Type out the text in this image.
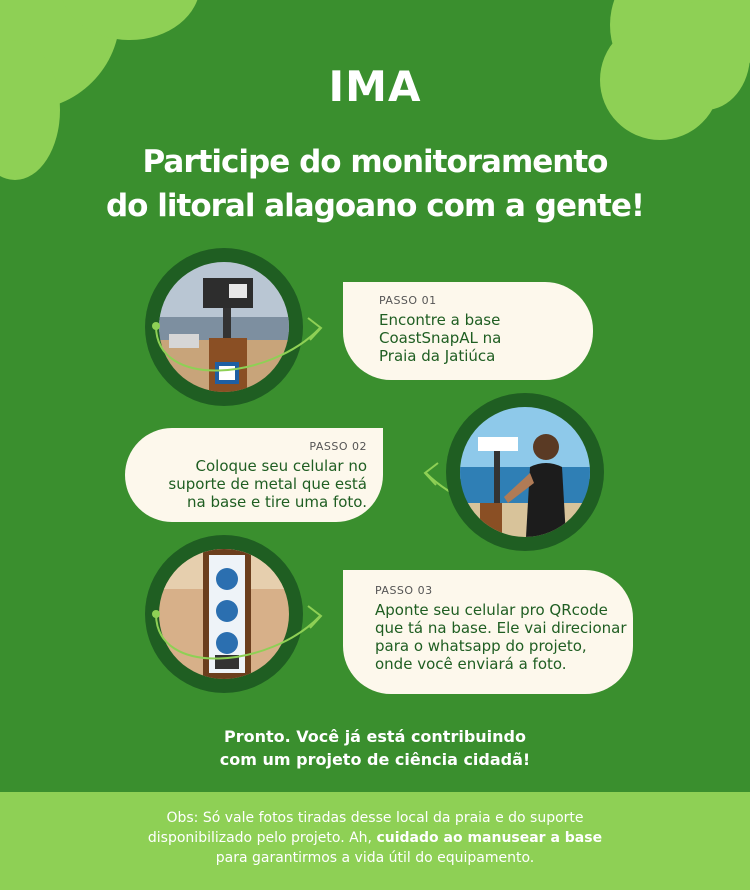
IMA
Participe do monitoramento
do litoral alagoano com a gente!
PASSO 01
Encontre a base
CoastSnapAL na
Praia da Jatiúca
PASSO 02
Coloque seu celular no
suporte de metal que está
na base e tire uma foto.
PASSO 03
Aponte seu celular pro QRcode
que tá na base. Ele vai direcionar
para o whatsapp do projeto,
onde você enviará a foto.
Pronto. Você já está contribuindo
com um projeto de ciência cidadã!
Obs: Só vale fotos tiradas desse local da praia e do suporte
disponibilizado pelo projeto. Ah, cuidado ao manusear a base
para garantirmos a vida útil do equipamento.
